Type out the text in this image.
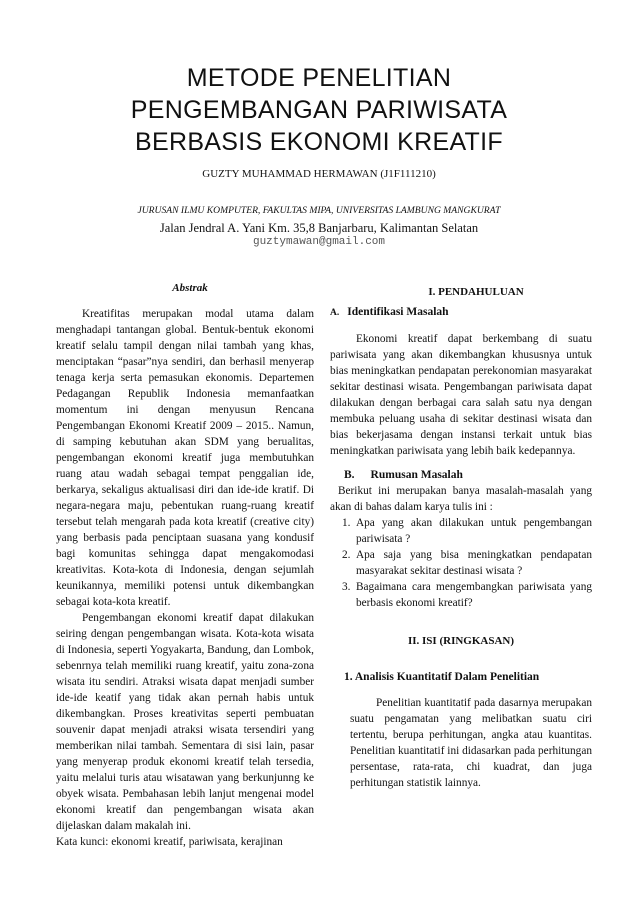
METODE PENELITIAN
PENGEMBANGAN PARIWISATA
BERBASIS EKONOMI KREATIF
GUZTY MUHAMMAD HERMAWAN (J1F111210)
JURUSAN ILMU KOMPUTER, FAKULTAS MIPA, UNIVERSITAS LAMBUNG MANGKURAT
Jalan Jendral A. Yani Km. 35,8 Banjarbaru, Kalimantan Selatan
guztymawan@gmail.com
Abstrak

Kreatifitas merupakan modal utama dalam menghadapi tantangan global. Bentuk-bentuk ekonomi kreatif selalu tampil dengan nilai tambah yang khas, menciptakan “pasar”nya sendiri, dan berhasil menyerap tenaga kerja serta pemasukan ekonomis. Departemen Pedagangan Republik Indonesia memanfaatkan momentum ini dengan menyusun Rencana Pengembangan Ekonomi Kreatif 2009 – 2015.. Namun, di samping kebutuhan akan SDM yang berualitas, pengembangan ekonomi kreatif juga membutuhkan ruang atau wadah sebagai tempat penggalian ide, berkarya, sekaligus aktualisasi diri dan ide-ide kratif. Di negara-negara maju, pebentukan ruang-ruang kreatif tersebut telah mengarah pada kota kreatif (creative city) yang berbasis pada penciptaan suasana yang kondusif bagi komunitas sehingga dapat mengakomodasi kreativitas. Kota-kota di Indonesia, dengan sejumlah keunikannya, memiliki potensi untuk dikembangkan sebagai kota-kota kreatif.

Pengembangan ekonomi kreatif dapat dilakukan seiring dengan pengembangan wisata. Kota-kota wisata di Indonesia, seperti Yogyakarta, Bandung, dan Lombok, sebenrnya telah memiliki ruang kreatif, yaitu zona-zona wisata itu sendiri. Atraksi wisata dapat menjadi sumber ide-ide keatif yang tidak akan pernah habis untuk dikembangkan. Proses kreativitas seperti pembuatan souvenir dapat menjadi atraksi wisata tersendiri yang memberikan nilai tambah. Sementara di sisi lain, pasar yang menyerap produk ekonomi kreatif telah tersedia, yaitu melalui turis atau wisatawan yang berkunjunng ke obyek wisata. Pembahasan lebih lanjut mengenai model ekonomi kreatif dan pengembangan wisata akan dijelaskan dalam makalah ini.

Kata kunci: ekonomi kreatif, pariwisata, kerajinan

I. PENDAHULUAN
A. Identifikasi Masalah

Ekonomi kreatif dapat berkembang di suatu pariwisata yang akan dikembangkan khususnya untuk bias meningkatkan pendapatan perekonomian masyarakat sekitar destinasi wisata. Pengembangan pariwisata dapat dilakukan dengan berbagai cara salah satu nya dengan membuka peluang usaha di sekitar destinasi wisata dan bias bekerjasama dengan instansi terkait untuk bias meningkatkan pariwisata yang lebih baik kedepannya.

B. Rumusan Masalah

Berikut ini merupakan banya masalah-masalah yang akan di bahas dalam karya tulis ini :

1. Apa yang akan dilakukan untuk pengembangan pariwisata ?
2. Apa saja yang bisa meningkatkan pendapatan masyarakat sekitar destinasi wisata ?
3. Bagaimana cara mengembangkan pariwisata yang berbasis ekonomi kreatif?
II. ISI (RINGKASAN)
1. Analisis Kuantitatif Dalam Penelitian

Penelitian kuantitatif pada dasarnya merupakan suatu pengamatan yang melibatkan suatu ciri tertentu, berupa perhitungan, angka atau kuantitas. Penelitian kuantitatif ini didasarkan pada perhitungan persentase, rata-rata, chi kuadrat, dan juga perhitungan statistik lainnya.
